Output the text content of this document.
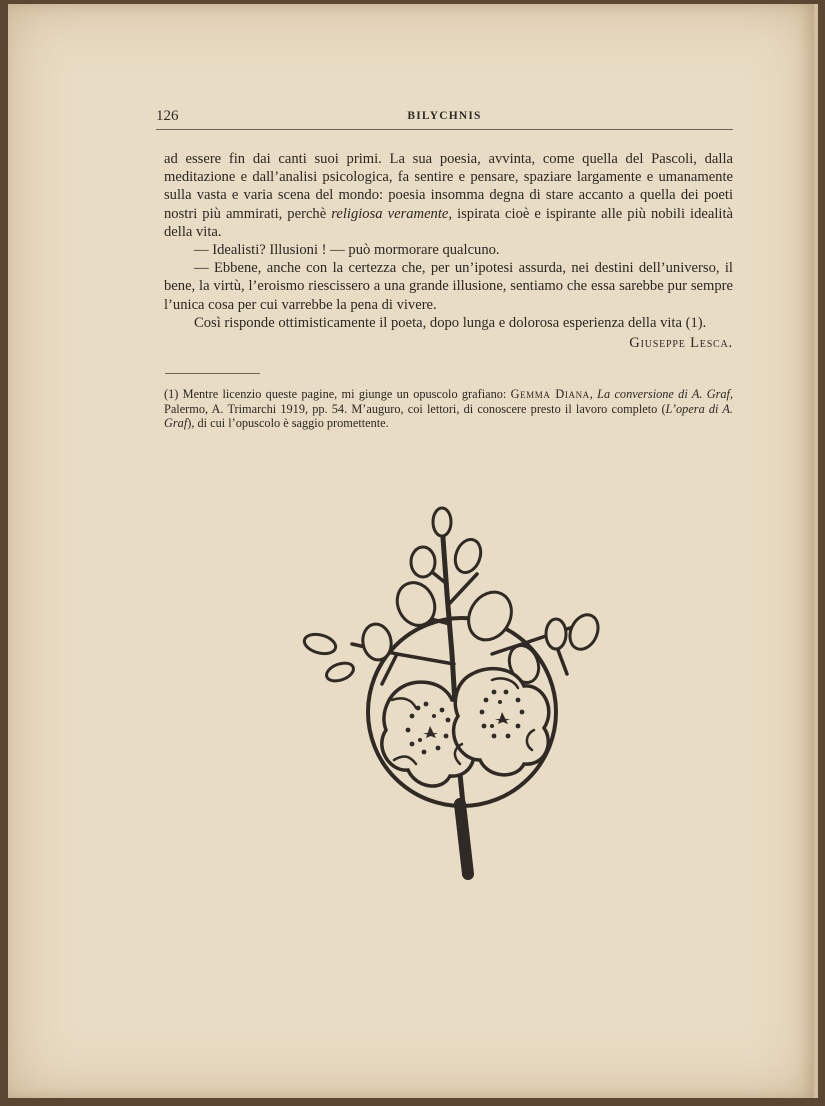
126	BILYCHNIS

ad essere fin dai canti suoi primi. La sua poesia, avvinta, come quella del Pascoli, dalla meditazione e dall’analisi psicologica, fa sentire e pensare, spaziare largamente e umanamente sulla vasta e varia scena del mondo: poesia insomma degna di stare accanto a quella dei poeti nostri più ammirati, perchè religiosa veramente, ispirata cioè e ispirante alle più nobili idealità della vita.

— Idealisti? Illusioni ! — può mormorare qualcuno.

— Ebbene, anche con la certezza che, per un’ipotesi assurda, nei destini dell’universo, il bene, la virtù, l’eroismo riescissero a una grande illusione, sentiamo che essa sarebbe pur sempre l’unica cosa per cui varrebbe la pena di vivere.

Così risponde ottimisticamente il poeta, dopo lunga e dolorosa esperienza della vita (1).

Giuseppe Lesca.
(1) Mentre licenzio queste pagine, mi giunge un opuscolo grafiano: Gemma Diana, La conversione di A. Graf, Palermo, A. Trimarchi 1919, pp. 54. M’auguro, coi lettori, di conoscere presto il lavoro completo (L’opera di A. Graf), di cui l’opuscolo è saggio promettente.
